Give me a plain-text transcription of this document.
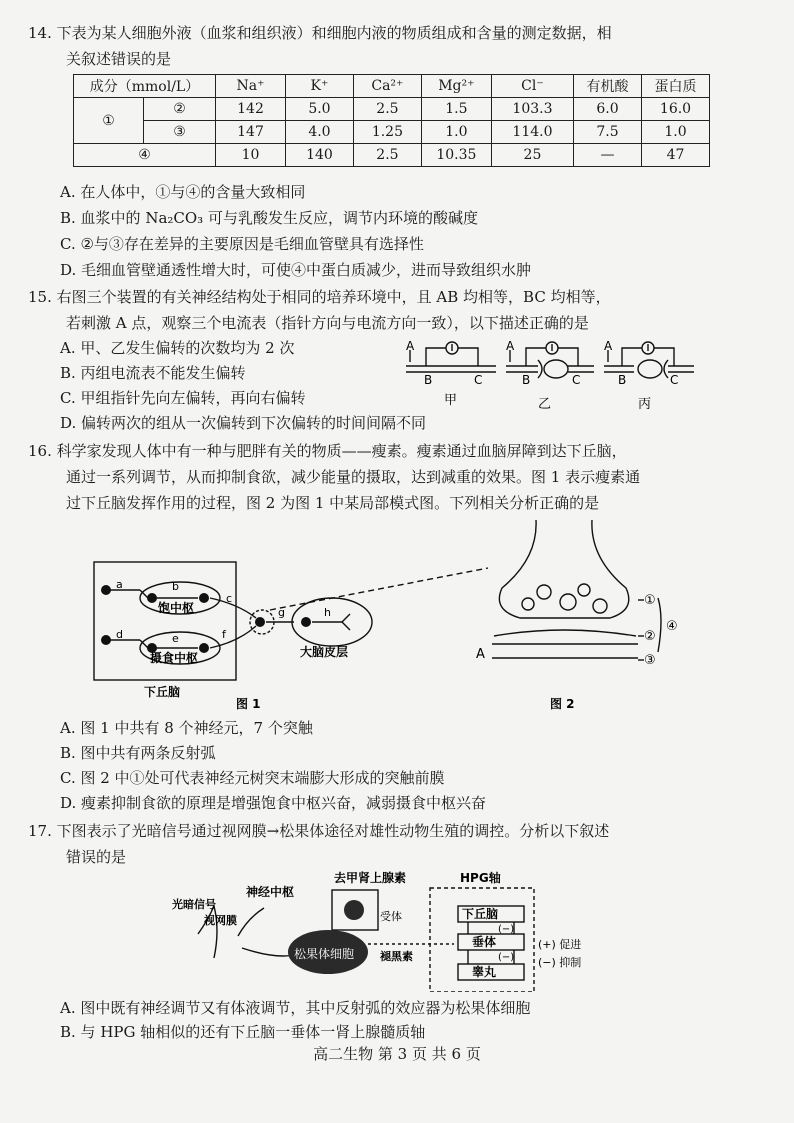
14. 下表为某人细胞外液（血浆和组织液）和细胞内液的物质组成和含量的测定数据，相
关叙述错误的是
成分（mmol/L）		Na⁺	K⁺	Ca²⁺	Mg²⁺	Cl⁻	有机酸	蛋白质
①	②	142	5.0	2.5	1.5	103.3	6.0	16.0
	③	147	4.0	1.25	1.0	114.0	7.5	1.0
④		10	140	2.5	10.35	25	—	47
A. 在人体中，①与④的含量大致相同
B. 血浆中的 Na₂CO₃ 可与乳酸发生反应，调节内环境的酸碱度
C. ②与③存在差异的主要原因是毛细血管壁具有选择性
D. 毛细血管壁通透性增大时，可使④中蛋白质减少，进而导致组织水肿
15. 右图三个装置的有关神经结构处于相同的培养环境中，且 AB 均相等，BC 均相等，
若刺激 A 点，观察三个电流表（指针方向与电流方向一致），以下描述正确的是
A. 甲、乙发生偏转的次数均为 2 次
B. 丙组电流表不能发生偏转
C. 甲组指针先向左偏转，再向右偏转
D. 偏转两次的组从一次偏转到下次偏转的时间间隔不同
A
B	C
A
B	C
A
B	C
甲	乙	丙
16. 科学家发现人体中有一种与肥胖有关的物质——瘦素。瘦素通过血脑屏障到达下丘脑，
通过一系列调节，从而抑制食欲，减少能量的摄取，达到减重的效果。图 1 表示瘦素通
过下丘脑发挥作用的过程，图 2 为图 1 中某局部模式图。下列相关分析正确的是
a	b
c
d	e	f
g	h
饱中枢
摄食中枢	大脑皮层
下丘脑
图 1
①
②
③
④
A
图 2
A. 图 1 中共有 8 个神经元，7 个突触
B. 图中共有两条反射弧
C. 图 2 中①处可代表神经元树突末端膨大形成的突触前膜
D. 瘦素抑制食欲的原理是增强饱食中枢兴奋，减弱摄食中枢兴奋
17. 下图表示了光暗信号通过视网膜→松果体途径对雄性动物生殖的调控。分析以下叙述
错误的是
光暗信号
视网膜
神经中枢
去甲肾上腺素
受体
松果体细胞 褪黑素
HPG轴
下丘脑
垂体
睾丸
(−)
(−)
(+) 促进
(−) 抑制
A. 图中既有神经调节又有体液调节，其中反射弧的效应器为松果体细胞
B. 与 HPG 轴相似的还有下丘脑一垂体一肾上腺髓质轴
高二生物 第 3 页 共 6 页
